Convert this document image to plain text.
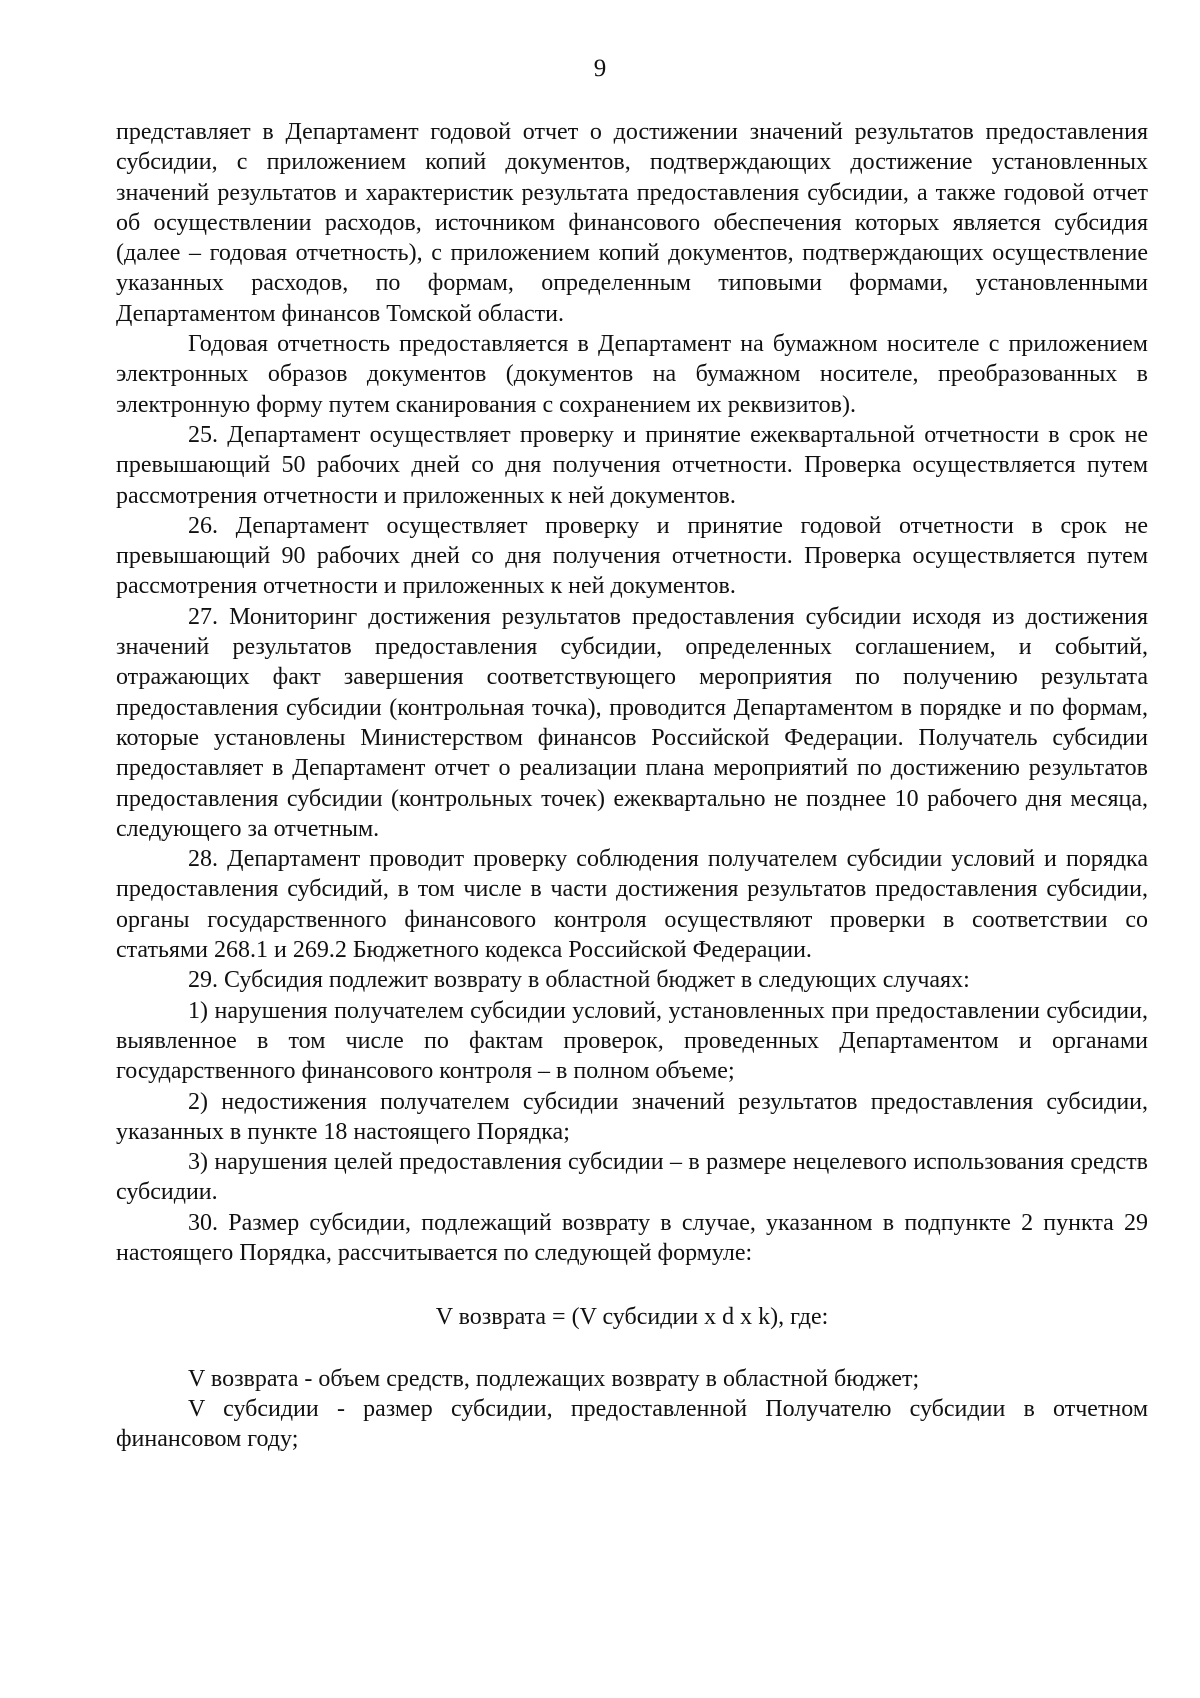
9

представляет в Департамент годовой отчет о достижении значений результатов предоставления субсидии, с приложением копий документов, подтверждающих достижение установленных значений результатов и характеристик результата предоставления субсидии, а также годовой отчет об осуществлении расходов, источником финансового обеспечения которых является субсидия (далее – годовая отчетность), с приложением копий документов, подтверждающих осуществление указанных расходов, по формам, определенным типовыми формами, установленными Департаментом финансов Томской области.

Годовая отчетность предоставляется в Департамент на бумажном носителе с приложением электронных образов документов (документов на бумажном носителе, преобразованных в электронную форму путем сканирования с сохранением их реквизитов).

25. Департамент осуществляет проверку и принятие ежеквартальной отчетности в срок не превышающий 50 рабочих дней со дня получения отчетности. Проверка осуществляется путем рассмотрения отчетности и приложенных к ней документов.

26. Департамент осуществляет проверку и принятие годовой отчетности в срок не превышающий 90 рабочих дней со дня получения отчетности. Проверка осуществляется путем рассмотрения отчетности и приложенных к ней документов.

27. Мониторинг достижения результатов предоставления субсидии исходя из достижения значений результатов предоставления субсидии, определенных соглашением, и событий, отражающих факт завершения соответствующего мероприятия по получению результата предоставления субсидии (контрольная точка), проводится Департаментом в порядке и по формам, которые установлены Министерством финансов Российской Федерации. Получатель субсидии предоставляет в Департамент отчет о реализации плана мероприятий по достижению результатов предоставления субсидии (контрольных точек) ежеквартально не позднее 10 рабочего дня месяца, следующего за отчетным.

28. Департамент проводит проверку соблюдения получателем субсидии условий и порядка предоставления субсидий, в том числе в части достижения результатов предоставления субсидии, органы государственного финансового контроля осуществляют проверки в соответствии со статьями 268.1 и 269.2 Бюджетного кодекса Российской Федерации.

29. Субсидия подлежит возврату в областной бюджет в следующих случаях:

1) нарушения получателем субсидии условий, установленных при предоставлении субсидии, выявленное в том числе по фактам проверок, проведенных Департаментом и органами государственного финансового контроля – в полном объеме;

2) недостижения получателем субсидии значений результатов предоставления субсидии, указанных в пункте 18 настоящего Порядка;

3) нарушения целей предоставления субсидии – в размере нецелевого использования средств субсидии.

30. Размер субсидии, подлежащий возврату в случае, указанном в подпункте 2 пункта 29 настоящего Порядка, рассчитывается по следующей формуле:

V возврата = (V субсидии x d x k), где:

V возврата - объем средств, подлежащих возврату в областной бюджет;

V субсидии - размер субсидии, предоставленной Получателю субсидии в отчетном финансовом году;
